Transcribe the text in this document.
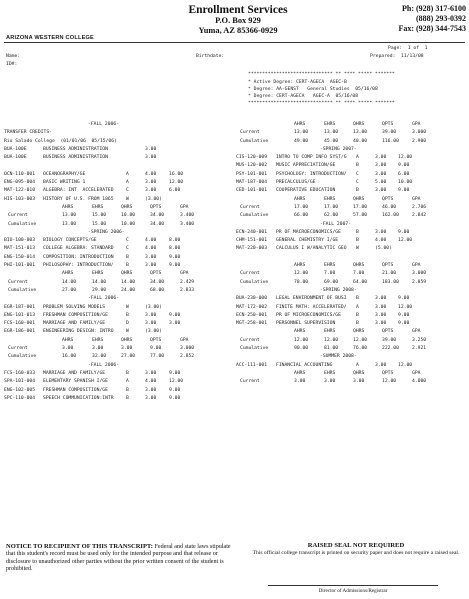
Enrollment Services
P.O. Box 929
Yuma, AZ 85366-0929
Ph: (928) 317-6100
(888) 293-0392
Fax: (928) 344-7543
ARIZONA WESTERN COLLEGE
Page:  1 of  1
Prepared:  11/13/08
Name:
ID#:
Birthdate:
****************************** ** **** ***** *******
* Active Degree: CERT-AGECA  AGEC-B
* Degree: AA-GENST   General Studies  05/16/08
* Degree: CERT-AGECA   AGEC-A  05/16/08
****************************** ** **** ***** *******
-FALL 2006-
TRANSFER CREDITS-
Rio Salado College  (01/01/06  05/15/06)
BUA-100E	BUSINESS ADMINISTRATION	3.00
BUA-100E	BUSINESS ADMINISTRATION	3.00
OCN-110-001 OCEANOGRAPHY/GE	A	4.00	16.00
ENG-095-004 BASIC WRITING 1	A	3.00	12.00
MAT-122-010 ALGEBRA: INT  ACCELERATED	C	3.00	6.00
HIS-103-003 HISTORY OF U.S. FROM 1865	W	(3.00)
AHRS	EHRS	QHRS	QPTS	GPA
Current	13.00	15.00	10.00	34.00	3.400
Cumulative	13.00	15.00	10.00	34.00	3.400
-SPRING 2006-
BIO-100-003 BIOLOGY CONCEPTS/GE	C	4.00	8.00
MAT-151-013 COLLEGE ALGEBRA: STANDARD	C	4.00	8.00
ENG-150-014 COMPOSITION: INTRODUCTION	B	3.00	9.00
PHI-101-001 PHILOSOPHY: INTRODUCTION/	B	3.00	9.00
AHRS	EHRS	QHRS	QPTS	GPA
Current	14.00	14.00	14.00	34.00	2.429
Cumulative	27.00	29.00	24.00	68.00	2.833
-FALL 2006-
EGR-187-001 PROBLEM SOLVING MODELS	W	(3.00)
ENG-101-013 FRESHMAN COMPOSITION/GE	B	3.00	9.00
FCS-160-001 MARRIAGE AND FAMILY/GE	D	3.00	3.00
EGR-186-001 ENGINEERING DESIGN: INTRO	W	(3.00)
AHRS	EHRS	QHRS	QPTS	GPA
Current	3.00	3.00	3.00	9.00	3.000
Cumulative	16.00	32.00	27.00	77.00	2.852
-FALL 2006-
FCS-160-033 MARRIAGE AND FAMILY/GE	B	3.00	9.00
SPA-101-004 ELEMENTARY SPANISH I/GE	A	4.00	12.00
ENG-102-005 FRESHMAN COMPOSITION/GE	B	3.00	9.00
SPC-110-004 SPEECH COMMUNICATION:INTR	B	3.00	9.00
AHRS	EHRS	QHRS	QPTS	GPA
Current	13.00	13.00	13.00	39.00	3.000
Cumulative	49.00	45.00	40.00	116.00	2.900
-SPRING 2007-
CIS-120-009 INTRO TO COMP INFO SYST/G A	3.00 12.00
MUS-120-002 MUSIC APPRECIATION/GE	B	3.00 9.00
PSY-101-001 PSYCHOLOGY: INTRODUCTION/ C	3.00 6.00
MAT-187-004 PRECALCULUS/GE	C	5.00 10.00
CED-101-001 COOPERATIVE EDUCATION	B	3.00 9.00
AHRS	EHRS	QHRS	QPTS	GPA
Current	17.00	17.00	17.00	46.00	2.706
Cumulative	66.00	62.00	57.00	162.00	2.842
-FALL 2007-
ECN-240-001 PR OF MACROECONOMICS/GE	B	3.00 9.00
CHM-151-001 GENERAL CHEMISTRY I/GE	B	4.00 12.00
MAT-220-003 CALCULUS I W/ANALYTIC GEO W	(5.00)
AHRS	EHRS	QHRS	QPTS	GPA
Current	12.00	7.00	7.00	21.00	3.000
Cumulative	78.00	69.00	64.00	183.00	2.859
-SPRING 2008-
BUA-230-000 LEGAL ENVIRONMENT OF BUSI B	3.00 9.00
MAT-172-002 FINITE MATH: ACCELERATED/ A	3.00 12.00
ECN-250-001 PR OF MICROECONOMICS/GE	B	3.00 9.00
MGT-258-001 PERSONNEL SUPERVISION	B	3.00 9.00
AHRS	EHRS	QHRS	QPTS	GPA
Current	12.00	12.00	12.00	39.00	3.250
Cumulative	90.00	81.00	76.00	222.00	2.921
-SUMMER 2008-
ACC-111-001 FINANCIAL ACCOUNTING	A	3.00 12.00
AHRS	EHRS	QHRS	QPTS	GPA
Current	3.00	3.00	3.00	12.00	4.000
NOTICE TO RECIPIENT OF THIS TRANSCRIPT: Federal and state laws stipulate that this student's record must be used only for the intended purpose and that release or disclosure to unauthorized other parties without the prior written consent of the student is prohibited.
RAISED SEAL NOT REQUIRED
This official college transcript is printed on security paper and does not require a raised seal.
Director of Admissions/Registrar
